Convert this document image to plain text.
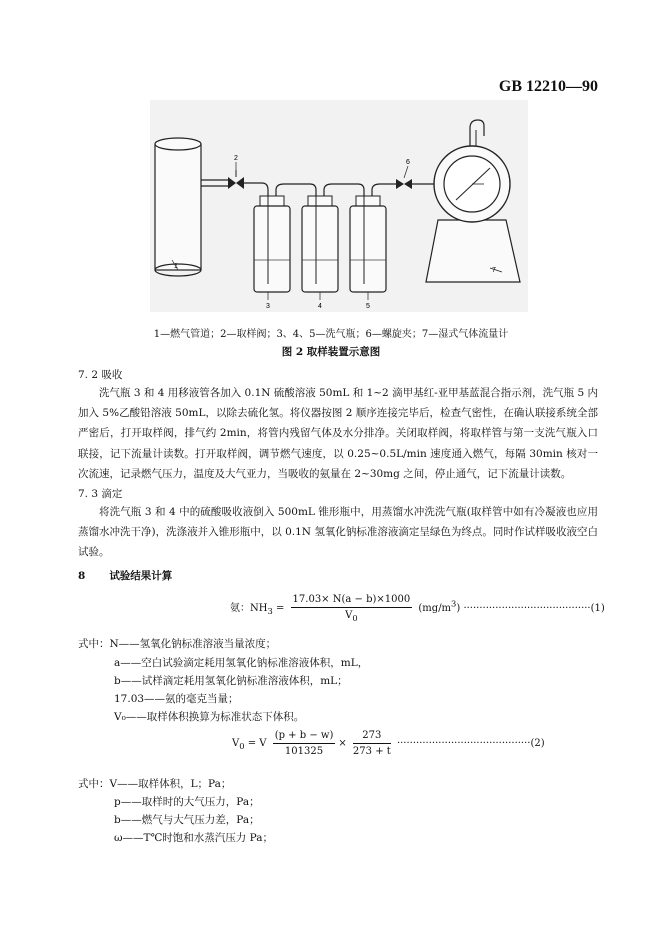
GB 12210—90
1
2
3	4	5
6
7
1—燃气管道；2—取样阀；3、4、5—洗气瓶；6—螺旋夹；7—湿式气体流量计
图 2 取样装置示意图
7. 2 吸收
洗气瓶 3 和 4 用移液管各加入 0.1N 硫酸溶液 50mL 和 1~2 滴甲基红-亚甲基蓝混合指示剂，洗气瓶 5 内加入 5%乙酸铅溶液 50mL，以除去硫化氢。将仪器按图 2 顺序连接完毕后，检查气密性，在确认联接系统全部严密后，打开取样阀，排气约 2min，将管内残留气体及水分排净。关闭取样阀，将取样管与第一支洗气瓶入口联接，记下流量计读数。打开取样阀，调节燃气速度，以 0.25~0.5L/min 速度通入燃气，每隔 30min 核对一次流速，记录燃气压力，温度及大气亚力，当吸收的氨量在 2~30mg 之间，停止通气，记下流量计读数。
7. 3 滴定
将洗气瓶 3 和 4 中的硫酸吸收液倒入 500mL 锥形瓶中，用蒸馏水冲洗洗气瓶(取样管中如有冷凝液也应用蒸馏水冲洗干净)，洗涤液并入锥形瓶中，以 0.1N 氢氧化钠标准溶液滴定呈绿色为终点。同时作试样吸收液空白试验。
8 试验结果计算
氨：$NH_3 = \frac{17.03\times N(a - b)\times 1000}{V_0} (mg/m^3) \cdot\cdot\cdot\cdot\cdot\cdot\cdot\cdot\cdot\cdot\cdot\cdot\cdot\cdot\cdot\cdot\cdot\cdot\cdot\cdot\cdot\cdot\cdot\cdot\cdot\cdot\cdot\cdot\cdot\cdot\cdot\cdot\cdot\cdot\cdot\cdot\cdot\cdot\cdot\cdot(1)$
式中：N——氢氧化钠标准溶液当量浓度；
a——空白试验滴定耗用氢氧化钠标准溶液体积，mL，
b——试样滴定耗用氢氧化钠标准溶液体积，mL；
17.03——氨的毫克当量；
V₀——取样体积换算为标准状态下体积。
$V_0 = V \frac{(p + b - w)}{101325} \times \frac{273}{273 + t} \cdot\cdot\cdot\cdot\cdot\cdot\cdot\cdot\cdot\cdot\cdot\cdot\cdot\cdot\cdot\cdot\cdot\cdot\cdot\cdot\cdot\cdot\cdot\cdot\cdot\cdot\cdot\cdot\cdot\cdot\cdot\cdot\cdot\cdot\cdot\cdot\cdot\cdot\cdot\cdot\cdot\cdot(2)$
式中：V——取样体积，L；Pa；
p——取样时的大气压力，Pa；
b——燃气与大气压力差，Pa；
ω——T℃时饱和水蒸汽压力 Pa；
